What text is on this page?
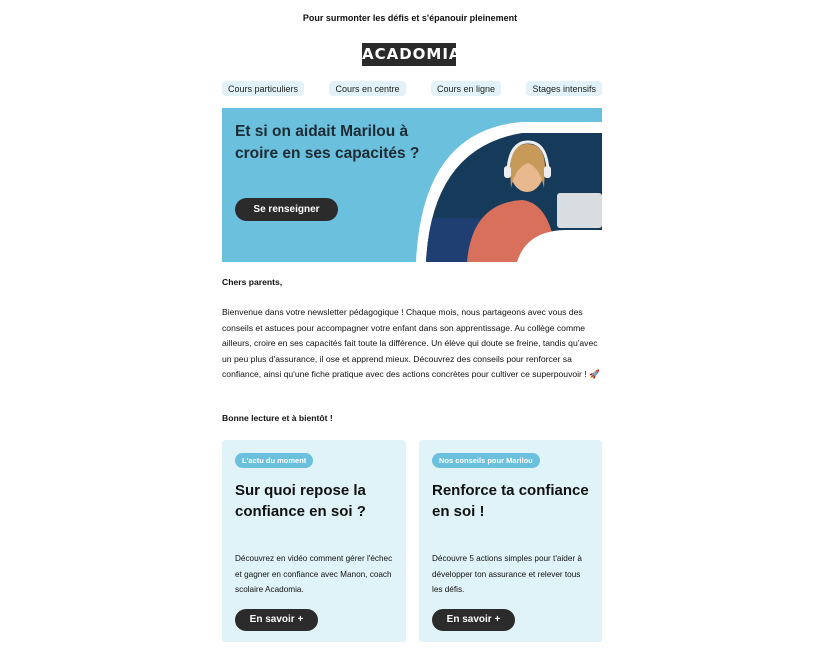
Pour surmonter les défis et s'épanouir pleinement
ACADOMIA
Cours particuliers	Cours en centre	Cours en ligne	Stages intensifs
Et si on aidait Marilou à croire en ses capacités ?
Se renseigner
Chers parents,
Bienvenue dans votre newsletter pédagogique ! Chaque mois, nous partageons avec vous des conseils et astuces pour accompagner votre enfant dans son apprentissage. Au collège comme ailleurs, croire en ses capacités fait toute la différence. Un élève qui doute se freine, tandis qu'avec un peu plus d'assurance, il ose et apprend mieux. Découvrez des conseils pour renforcer sa confiance, ainsi qu'une fiche pratique avec des actions concrètes pour cultiver ce superpouvoir ! 🚀
Bonne lecture et à bientôt !
L'actu du moment
Sur quoi repose la confiance en soi ?

Découvrez en vidéo comment gérer l'échec et gagner en confiance avec Manon, coach scolaire Acadomia.

En savoir +
Nos conseils pour Marilou
Renforce ta confiance en soi !

Découvre 5 actions simples pour t'aider à développer ton assurance et relever tous les défis.

En savoir +
